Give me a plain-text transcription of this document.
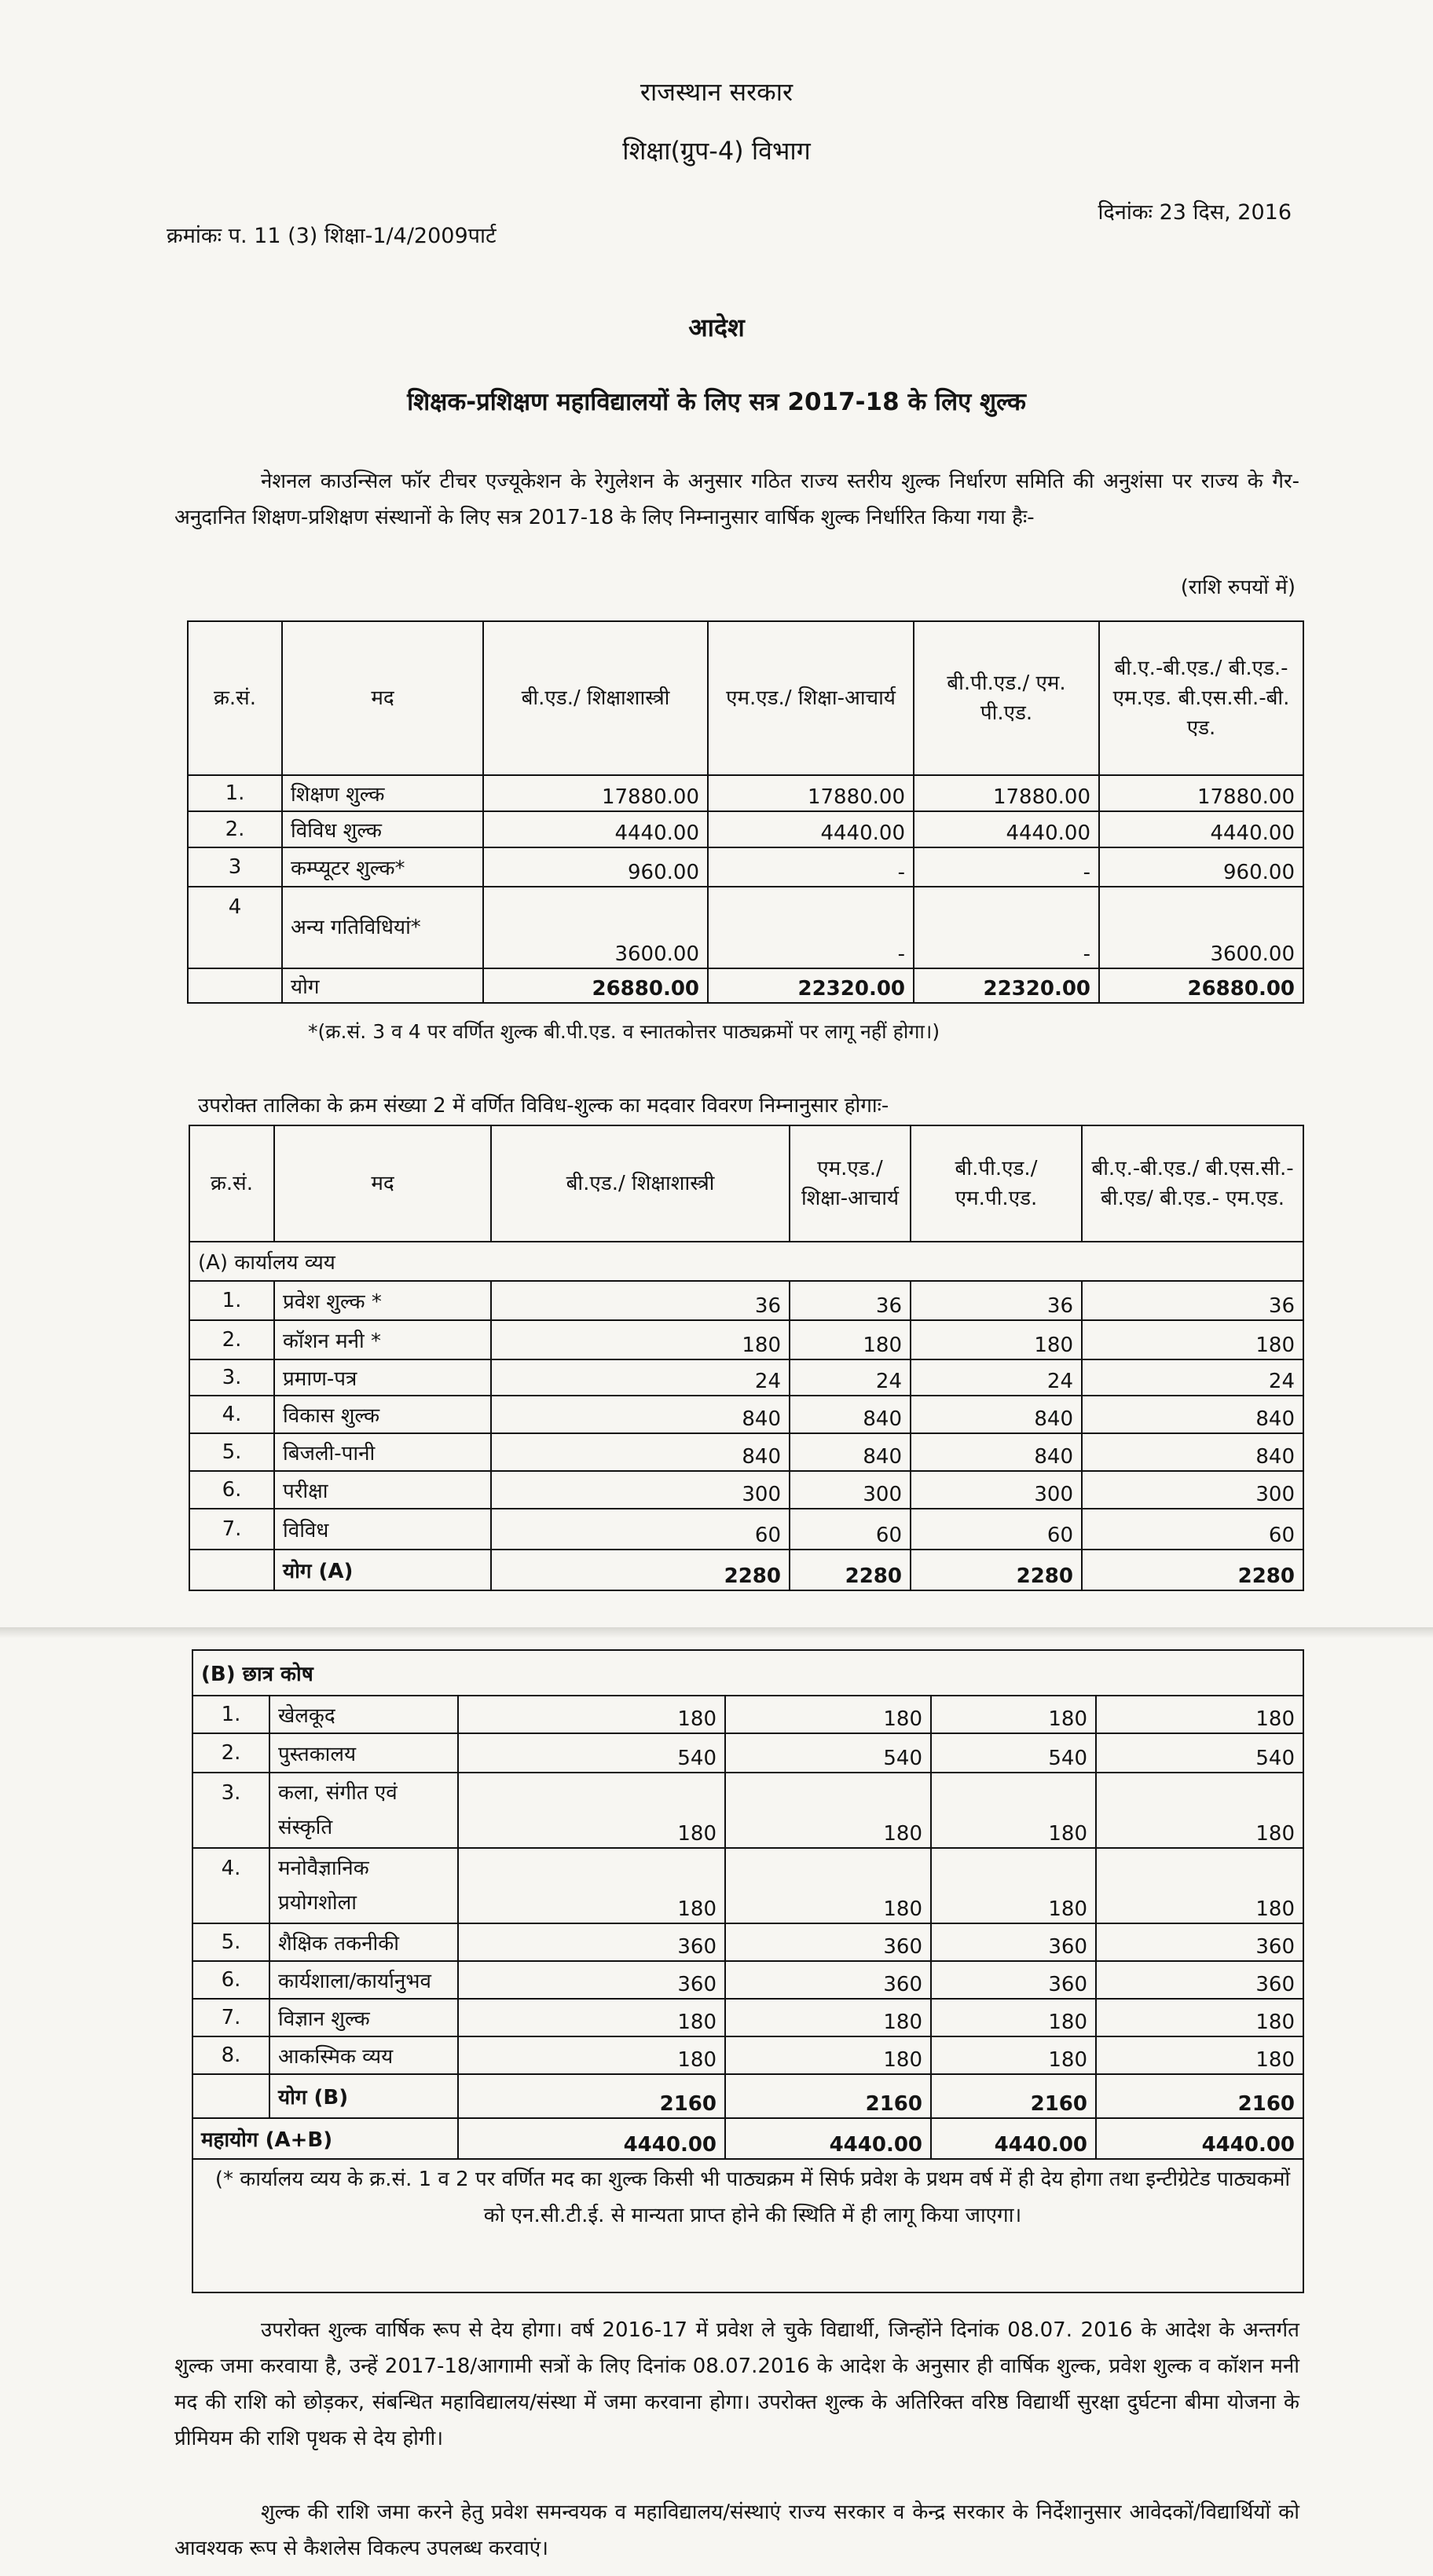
राजस्थान सरकार
शिक्षा(ग्रुप-4) विभाग
दिनांकः 23 दिस, 2016
क्रमांकः प. 11 (3) शिक्षा-1/4/2009पार्ट
आदेश
शिक्षक-प्रशिक्षण महाविद्यालयों के लिए सत्र 2017-18 के लिए शुल्क
नेशनल काउन्सिल फॉर टीचर एज्यूकेशन के रेगुलेशन के अनुसार गठित राज्य स्तरीय शुल्क निर्धारण समिति की अनुशंसा पर राज्य के गैर-अनुदानित शिक्षण-प्रशिक्षण संस्थानों के लिए सत्र 2017-18 के लिए निम्नानुसार वार्षिक शुल्क निर्धारित किया गया हैः-
(राशि रुपयों में)
क्र.सं.	मद	बी.एड./ शिक्षाशास्त्री	एम.एड./ शिक्षा-आचार्य	बी.पी.एड./ एम. पी.एड.	बी.ए.-बी.एड./ बी.एड.- एम.एड. बी.एस.सी.-बी. एड.
1.	शिक्षण शुल्क	17880.00	17880.00	17880.00	17880.00
2.	विविध शुल्क	4440.00	4440.00	4440.00	4440.00
3	कम्प्यूटर शुल्क*	960.00	-	-	960.00
4	अन्य गतिविधियां*	3600.00	-	-	3600.00
	योग	26880.00	22320.00	22320.00	26880.00
*(क्र.सं. 3 व 4 पर वर्णित शुल्क बी.पी.एड. व स्नातकोत्तर पाठ्यक्रमों पर लागू नहीं होगा।)
उपरोक्त तालिका के क्रम संख्या 2 में वर्णित विविध-शुल्क का मदवार विवरण निम्नानुसार होगाः-
क्र.सं.	मद	बी.एड./ शिक्षाशास्त्री	एम.एड./ शिक्षा-आचार्य	बी.पी.एड./ एम.पी.एड.	बी.ए.-बी.एड./ बी.एस.सी.-बी.एड/ बी.एड.- एम.एड.
(A) कार्यालय व्यय					
1.	प्रवेश शुल्क *	36	36	36	36
2.	कॉशन मनी *	180	180	180	180
3.	प्रमाण-पत्र	24	24	24	24
4.	विकास शुल्क	840	840	840	840
5.	बिजली-पानी	840	840	840	840
6.	परीक्षा	300	300	300	300
7.	विविध	60	60	60	60
	योग (A)	2280	2280	2280	2280
(B) छात्र कोष					
1.	खेलकूद	180	180	180	180
2.	पुस्तकालय	540	540	540	540
3.	कला, संगीत एवं संस्कृति	180	180	180	180
4.	मनोवैज्ञानिक प्रयोगशोला	180	180	180	180
5.	शैक्षिक तकनीकी	360	360	360	360
6.	कार्यशाला/कार्यानुभव	360	360	360	360
7.	विज्ञान शुल्क	180	180	180	180
8.	आकस्मिक व्यय	180	180	180	180
	योग (B)	2160	2160	2160	2160
महायोग (A+B)		4440.00	4440.00	4440.00	4440.00
(* कार्यालय व्यय के क्र.सं. 1 व 2 पर वर्णित मद का शुल्क किसी भी पाठ्यक्रम में सिर्फ प्रवेश के प्रथम वर्ष में ही देय होगा तथा इन्टीग्रेटेड पाठ्यकमों को एन.सी.टी.ई. से मान्यता प्राप्त होने की स्थिति में ही लागू किया जाएगा।
उपरोक्त शुल्क वार्षिक रूप से देय होगा। वर्ष 2016-17 में प्रवेश ले चुके विद्यार्थी, जिन्होंने दिनांक 08.07. 2016 के आदेश के अन्तर्गत शुल्क जमा करवाया है, उन्हें 2017-18/आगामी सत्रों के लिए दिनांक 08.07.2016 के आदेश के अनुसार ही वार्षिक शुल्क, प्रवेश शुल्क व कॉशन मनी मद की राशि को छोड़कर, संबन्धित महाविद्यालय/संस्था में जमा करवाना होगा। उपरोक्त शुल्क के अतिरिक्त वरिष्ठ विद्यार्थी सुरक्षा दुर्घटना बीमा योजना के प्रीमियम की राशि पृथक से देय होगी।
शुल्क की राशि जमा करने हेतु प्रवेश समन्वयक व महाविद्यालय/संस्थाएं राज्य सरकार व केन्द्र सरकार के निर्देशानुसार आवेदकों/विद्यार्थियों को आवश्यक रूप से कैशलेस विकल्प उपलब्ध करवाएं।
